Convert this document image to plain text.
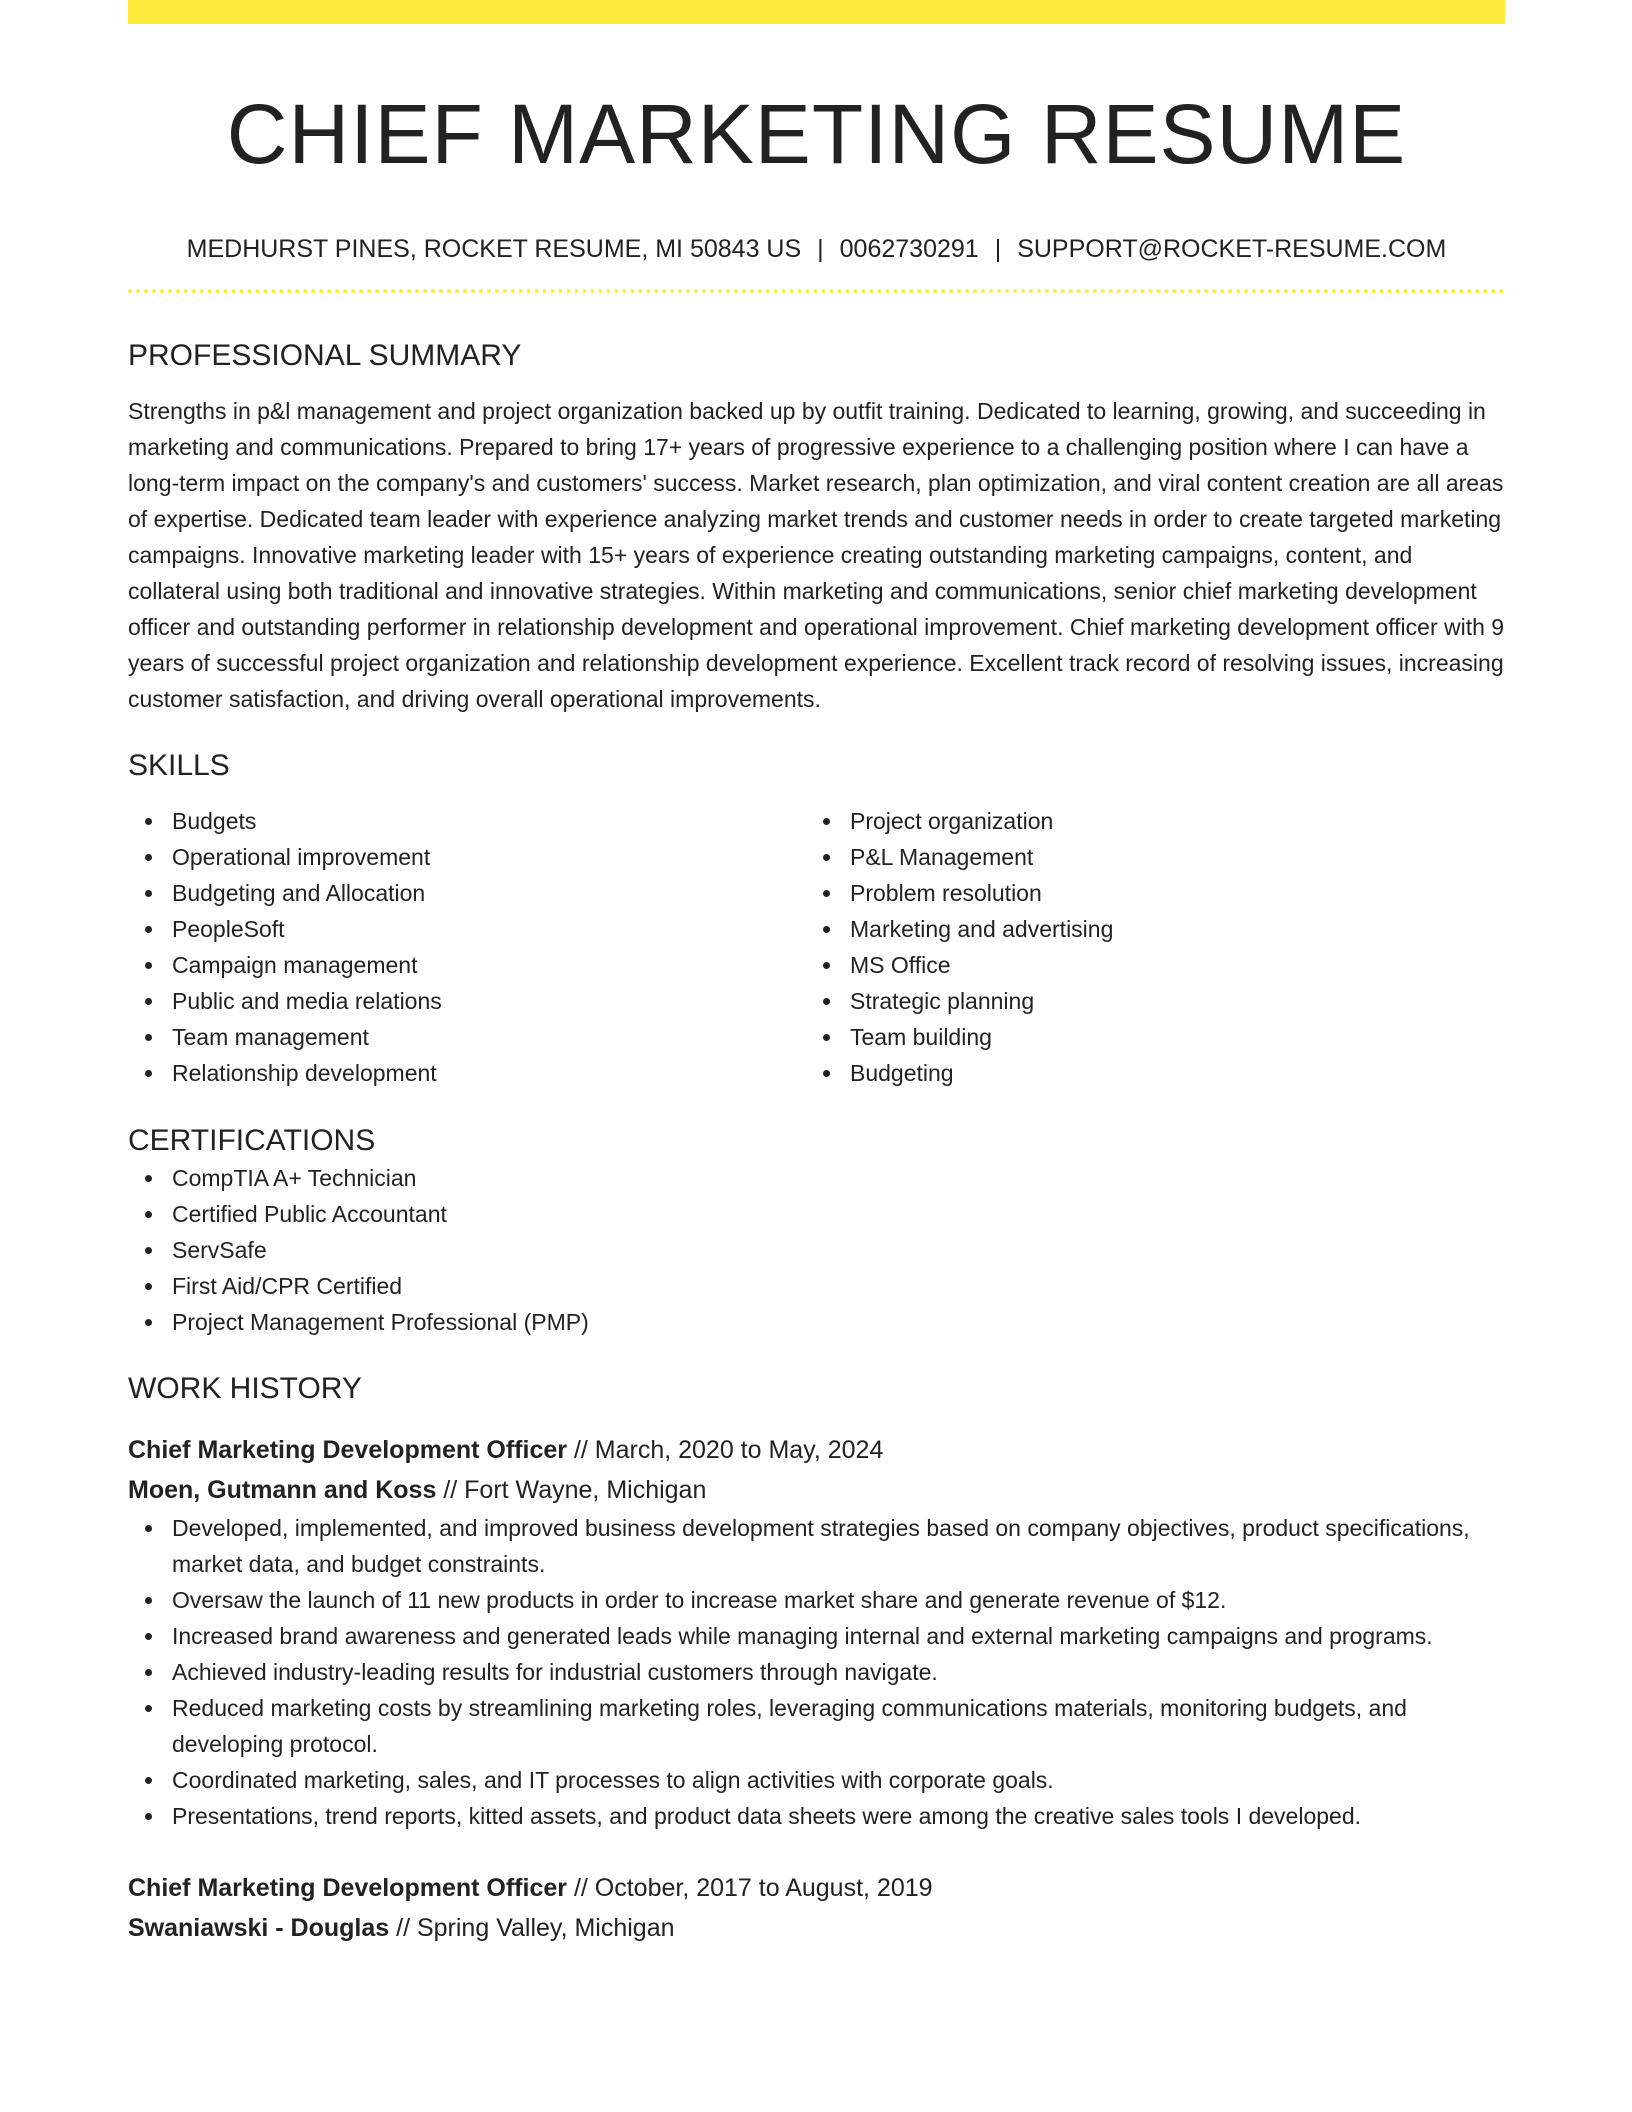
CHIEF MARKETING RESUME
MEDHURST PINES, ROCKET RESUME, MI 50843 US | 0062730291 | SUPPORT@ROCKET-RESUME.COM
PROFESSIONAL SUMMARY

Strengths in p&l management and project organization backed up by outfit training. Dedicated to learning, growing, and succeeding in marketing and communications. Prepared to bring 17+ years of progressive experience to a challenging position where I can have a long-term impact on the company's and customers' success. Market research, plan optimization, and viral content creation are all areas of expertise. Dedicated team leader with experience analyzing market trends and customer needs in order to create targeted marketing campaigns. Innovative marketing leader with 15+ years of experience creating outstanding marketing campaigns, content, and collateral using both traditional and innovative strategies. Within marketing and communications, senior chief marketing development officer and outstanding performer in relationship development and operational improvement. Chief marketing development officer with 9 years of successful project organization and relationship development experience. Excellent track record of resolving issues, increasing customer satisfaction, and driving overall operational improvements.

SKILLS
Budgets
Operational improvement
Budgeting and Allocation
PeopleSoft
Campaign management
Public and media relations
Team management
Relationship development
Project organization
P&L Management
Problem resolution
Marketing and advertising
MS Office
Strategic planning
Team building
Budgeting
CERTIFICATIONS
CompTIA A+ Technician
Certified Public Accountant
ServSafe
First Aid/CPR Certified
Project Management Professional (PMP)
WORK HISTORY
Chief Marketing Development Officer // March, 2020 to May, 2024
Moen, Gutmann and Koss // Fort Wayne, Michigan
Developed, implemented, and improved business development strategies based on company objectives, product specifications, market data, and budget constraints.
Oversaw the launch of 11 new products in order to increase market share and generate revenue of $12.
Increased brand awareness and generated leads while managing internal and external marketing campaigns and programs.
Achieved industry-leading results for industrial customers through navigate.
Reduced marketing costs by streamlining marketing roles, leveraging communications materials, monitoring budgets, and developing protocol.
Coordinated marketing, sales, and IT processes to align activities with corporate goals.
Presentations, trend reports, kitted assets, and product data sheets were among the creative sales tools I developed.
Chief Marketing Development Officer // October, 2017 to August, 2019
Swaniawski - Douglas // Spring Valley, Michigan
